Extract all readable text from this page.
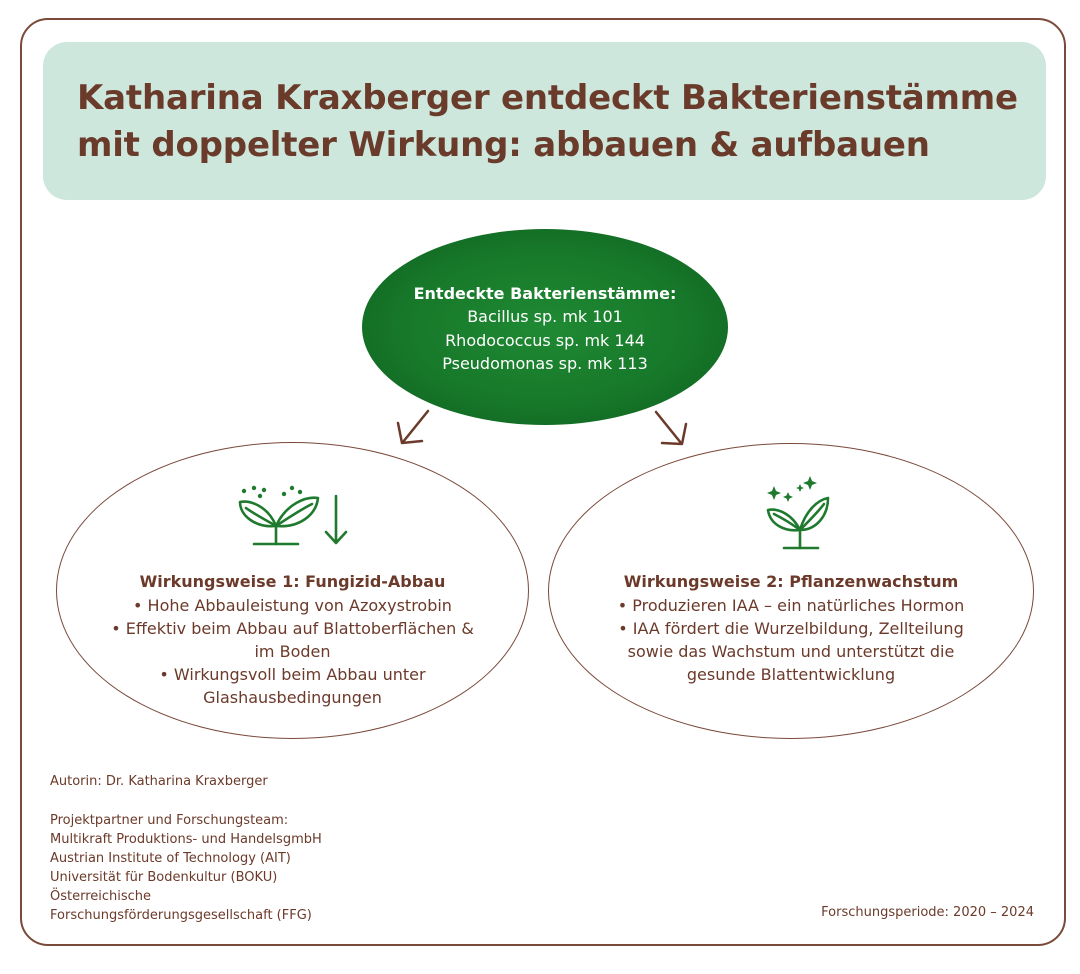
Katharina Kraxberger entdeckt Bakterienstämme
mit doppelter Wirkung: abbauen & aufbauen
Entdeckte Bakterienstämme:
Bacillus sp. mk 101
Rhodococcus sp. mk 144
Pseudomonas sp. mk 113
Wirkungsweise 1: Fungizid-Abbau
• Hohe Abbauleistung von Azoxystrobin
• Effektiv beim Abbau auf Blattoberflächen &
im Boden
• Wirkungsvoll beim Abbau unter
Glashausbedingungen
Wirkungsweise 2: Pflanzenwachstum
• Produzieren IAA – ein natürliches Hormon
• IAA fördert die Wurzelbildung, Zellteilung
sowie das Wachstum und unterstützt die
gesunde Blattentwicklung
Autorin: Dr. Katharina Kraxberger
Projektpartner und Forschungsteam:
Multikraft Produktions- und HandelsgmbH
Austrian Institute of Technology (AIT)
Universität für Bodenkultur (BOKU)
Österreichische
Forschungsförderungsgesellschaft (FFG)	Forschungsperiode: 2020 – 2024
